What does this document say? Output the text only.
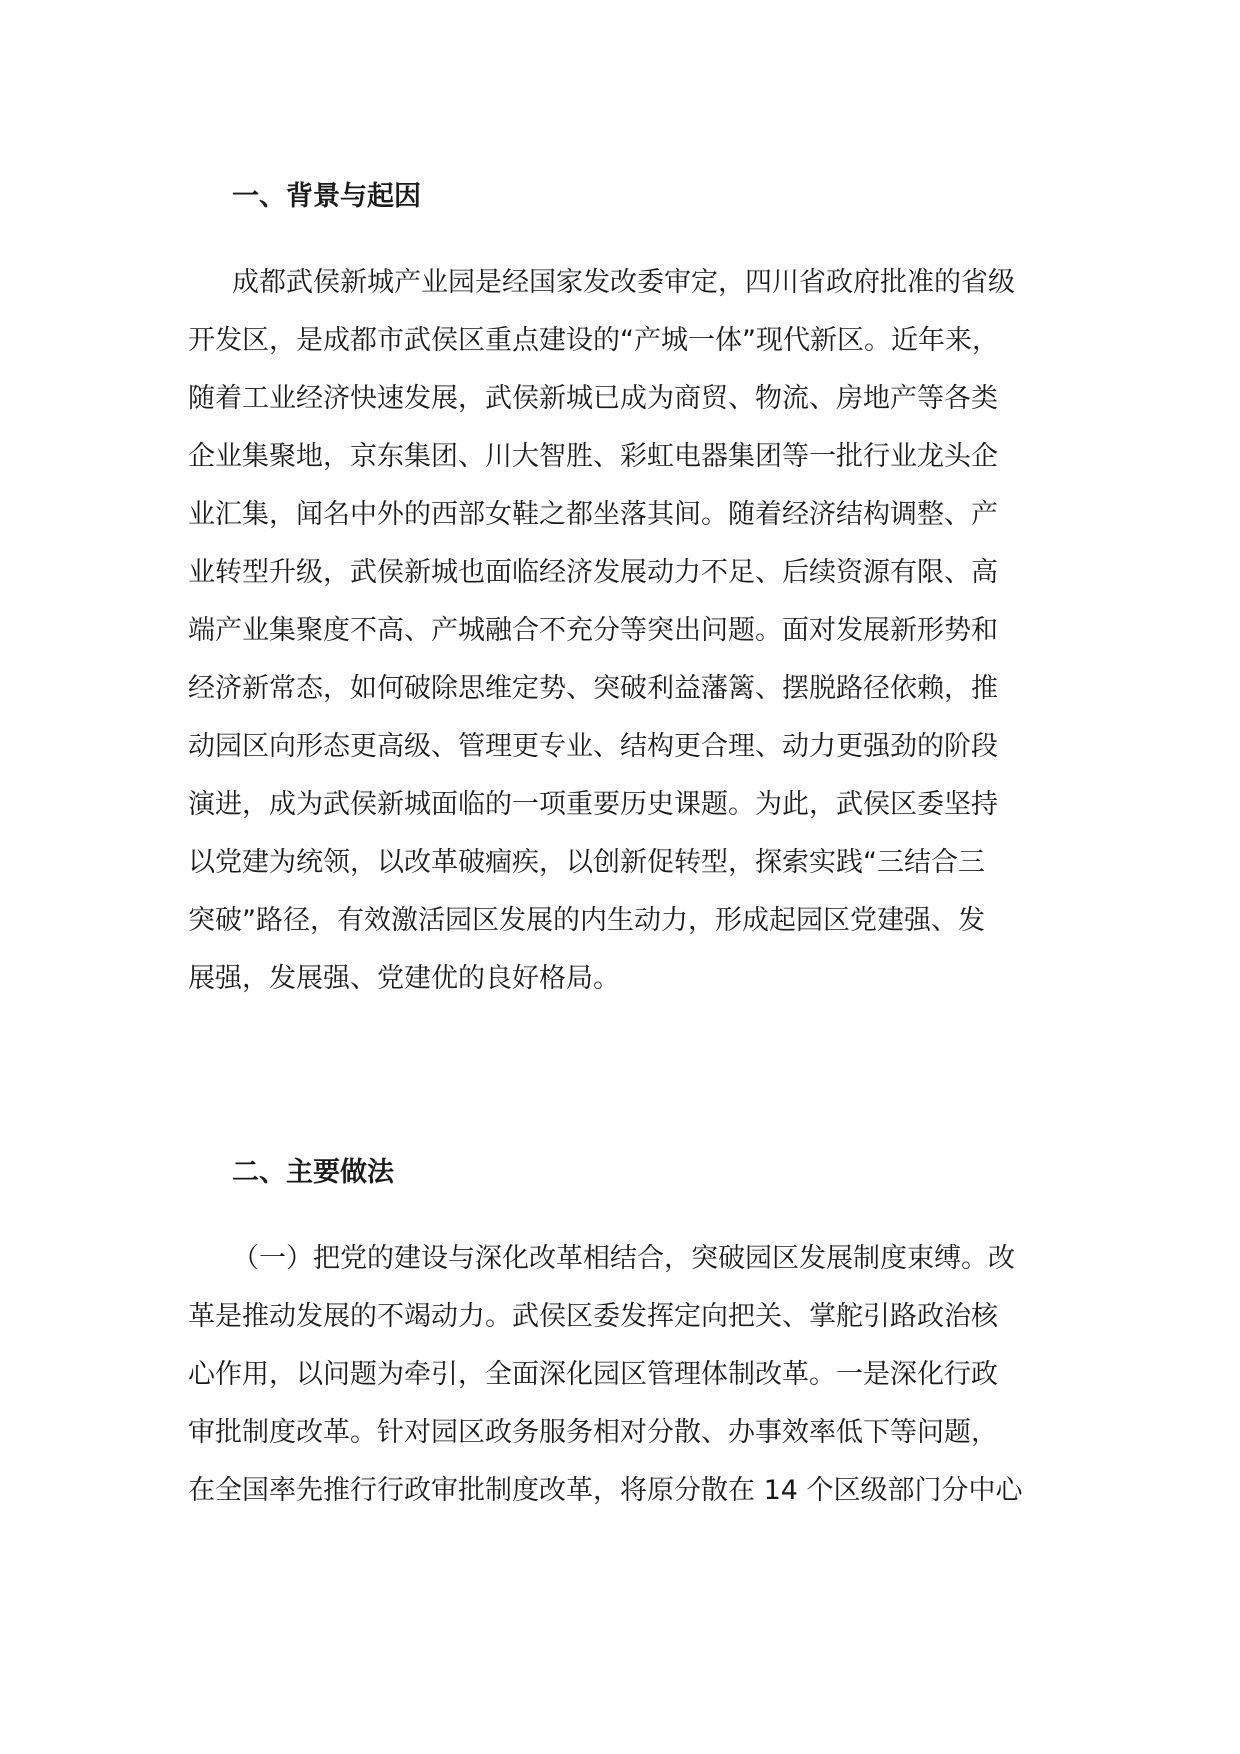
一、背景与起因
成都武侯新城产业园是经国家发改委审定，四川省政府批准的省级
开发区，是成都市武侯区重点建设的“产城一体”现代新区。近年来，
随着工业经济快速发展，武侯新城已成为商贸、物流、房地产等各类
企业集聚地，京东集团、川大智胜、彩虹电器集团等一批行业龙头企
业汇集，闻名中外的西部女鞋之都坐落其间。随着经济结构调整、产
业转型升级，武侯新城也面临经济发展动力不足、后续资源有限、高
端产业集聚度不高、产城融合不充分等突出问题。面对发展新形势和
经济新常态，如何破除思维定势、突破利益藩篱、摆脱路径依赖，推
动园区向形态更高级、管理更专业、结构更合理、动力更强劲的阶段
演进，成为武侯新城面临的一项重要历史课题。为此，武侯区委坚持
以党建为统领，以改革破痼疾，以创新促转型，探索实践“三结合三
突破”路径，有效激活园区发展的内生动力，形成起园区党建强、发
展强，发展强、党建优的良好格局。
二、主要做法
（一）把党的建设与深化改革相结合，突破园区发展制度束缚。改
革是推动发展的不竭动力。武侯区委发挥定向把关、掌舵引路政治核
心作用，以问题为牵引，全面深化园区管理体制改革。一是深化行政
审批制度改革。针对园区政务服务相对分散、办事效率低下等问题，
在全国率先推行行政审批制度改革，将原分散在 14 个区级部门分中心
